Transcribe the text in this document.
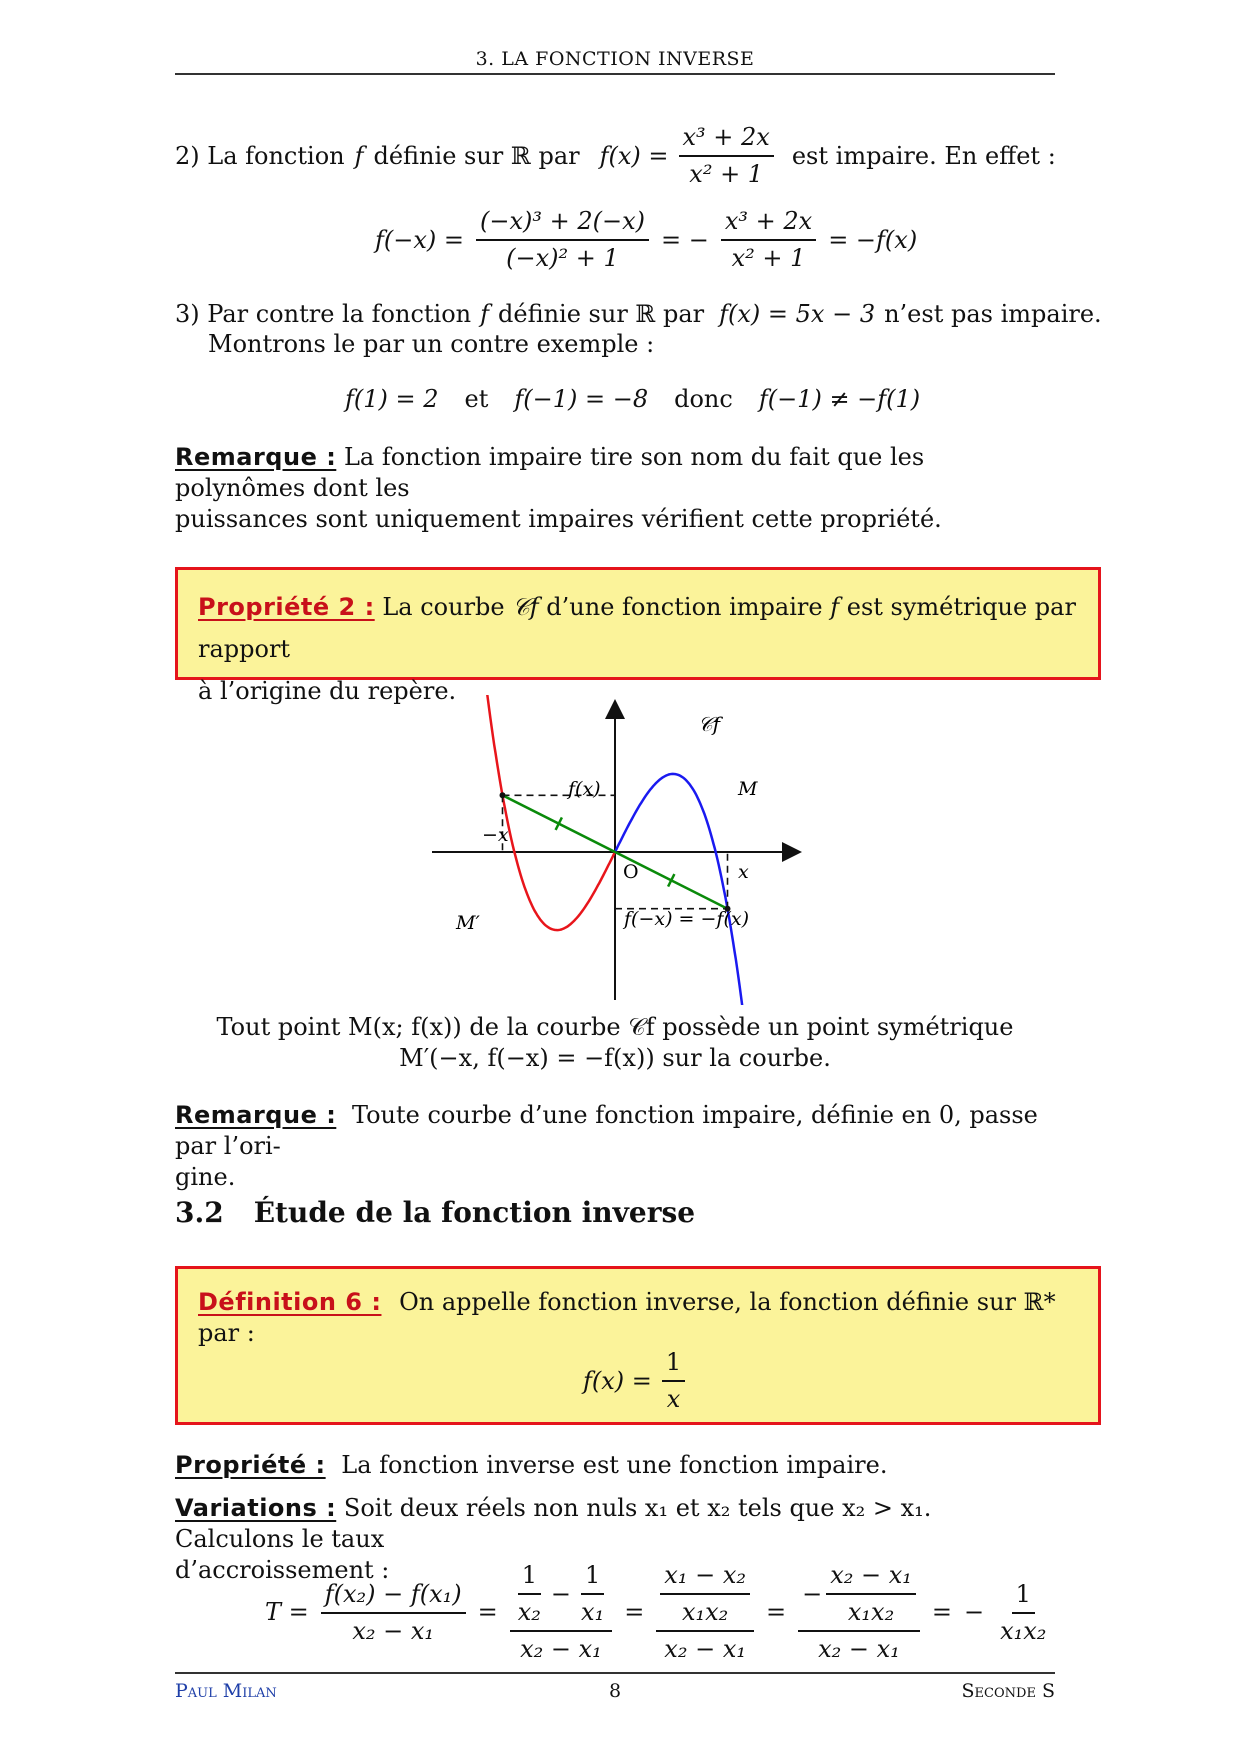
3. LA FONCTION INVERSE
2) La fonction f définie sur ℝ par $f(x) = \frac{\text{x³ + 2x}}{\text{x² + 1}}$ est impaire. En effet :
$f(-x) = \frac{\text{(−x)³ + 2(−x)}}{\text{(−x)² + 1}}$ = − $\frac{\text{x³ + 2x}}{\text{x² + 1}} = -f(x)$
3) Par contre la fonction f définie sur ℝ par f(x) = 5x − 3 n’est pas impaire.
Montrons le par un contre exemple :
f(1) = 2 et f(−1) = −8 donc f(−1) ≠ −f(1)
Remarque : La fonction impaire tire son nom du fait que les polynômes dont les
puissances sont uniquement impaires vérifient cette propriété.
Propriété 2 : La courbe 𝒞f d’une fonction impaire f est symétrique par rapport
à l’origine du repère.
𝒞f
f(x)	M
−x
O	x
M′	f(−x) = −f(x)
Tout point M(x; f(x)) de la courbe 𝒞f possède un point symétrique
M′(−x, f(−x) = −f(x)) sur la courbe.
Remarque : Toute courbe d’une fonction impaire, définie en 0, passe par l’ori-
gine.
3.2 Étude de la fonction inverse
Définition 6 : On appelle fonction inverse, la fonction définie sur ℝ* par :
$f(x) = \frac{1}{x}$
Propriété : La fonction inverse est une fonction impaire.
Variations : Soit deux réels non nuls x₁ et x₂ tels que x₂ > x₁. Calculons le taux
d’accroissement :
$T = \frac{\text{f(x₂) − f(x₁)}}{\text{x₂ − x₁}} = \frac{\frac{1}{\text{x₂}} - \frac{1}{\text{x₁}}}{\text{x₂ − x₁}} = \frac{\frac{\text{x₁ − x₂}}{\text{x₁x₂}}}{\text{x₂ − x₁}} = \frac{- \frac{\text{x₂ − x₁}}{\text{x₁x₂}}}{\text{x₂ − x₁}}$ = − $\frac{1}{\text{x₁x₂}}$
Paul Milan	8	Seconde S
